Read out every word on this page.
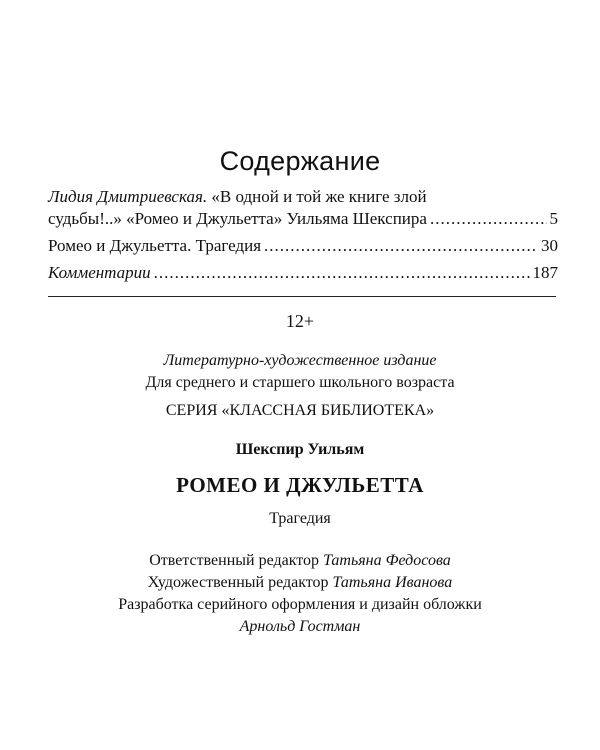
Содержание
Лидия Дмитриевская. «В одной и той же книге злой
судьбы!..» «Ромео и Джульетта» Уильяма Шекспира .....	5
Ромео и Джульетта. Трагедия .....	30
Комментарии .....	187
12+
Литературно-художественное издание
Для среднего и старшего школьного возраста
СЕРИЯ «КЛАССНАЯ БИБЛИОТЕКА»
Шекспир Уильям
РОМЕО И ДЖУЛЬЕТТА
Трагедия
Ответственный редактор Татьяна Федосова
Художественный редактор Татьяна Иванова
Разработка серийного оформления и дизайн обложки
Арнольд Гостман
